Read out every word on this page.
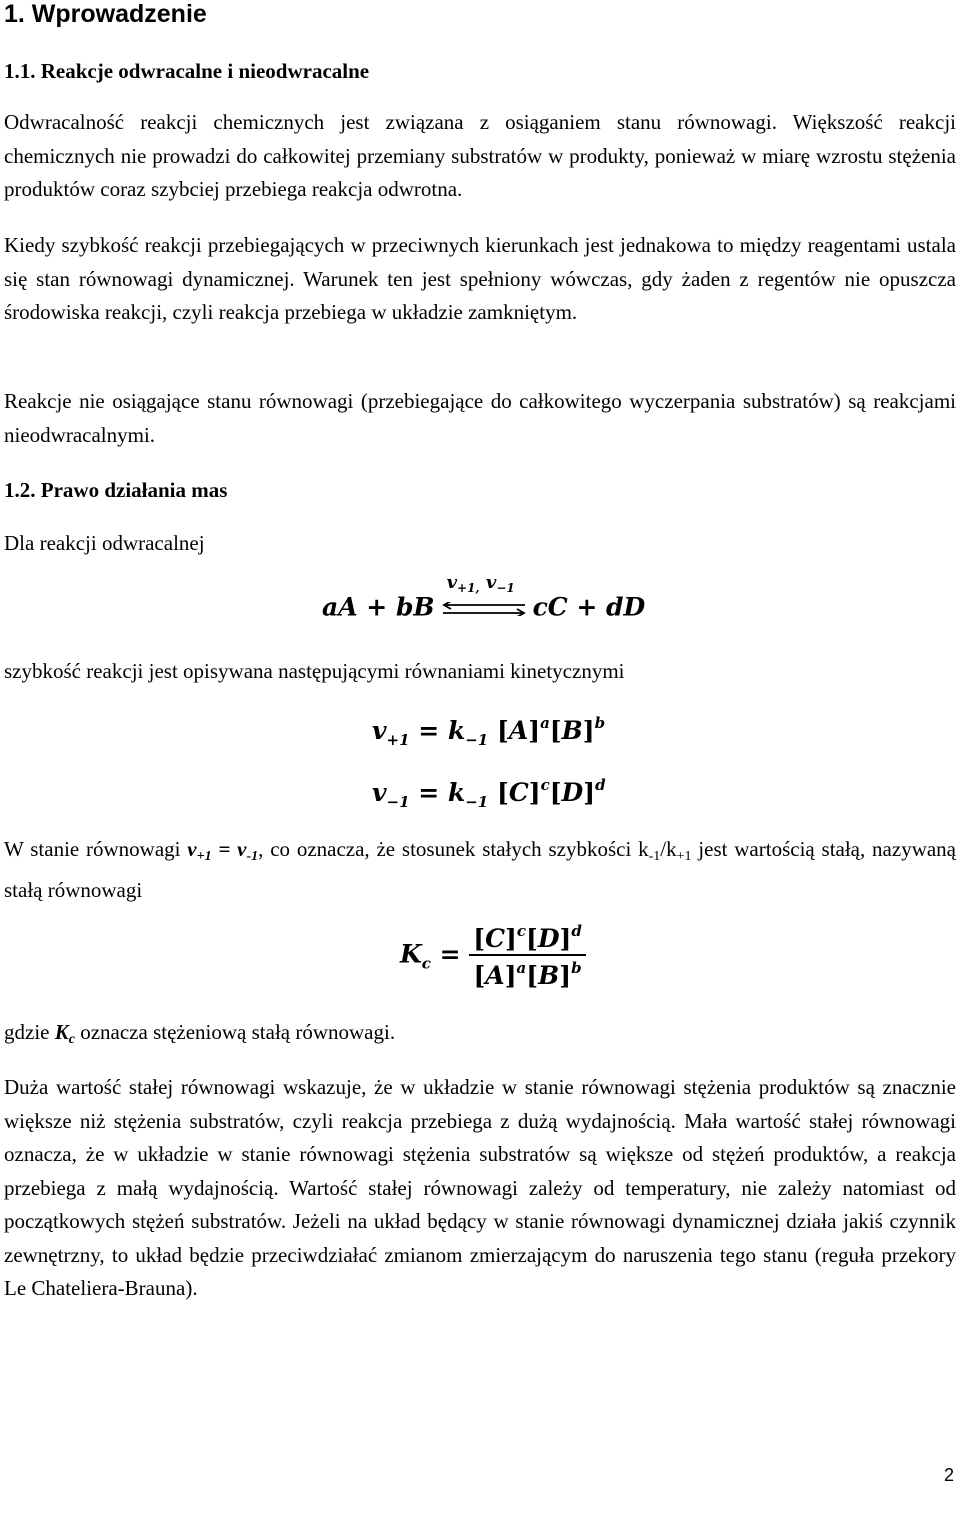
1. Wprowadzenie
1.1. Reakcje odwracalne i nieodwracalne

Odwracalność reakcji chemicznych jest związana z osiąganiem stanu równowagi. Większość reakcji chemicznych nie prowadzi do całkowitej przemiany substratów w produkty, ponieważ w miarę wzrostu stężenia produktów coraz szybciej przebiega reakcja odwrotna.

Kiedy szybkość reakcji przebiegających w przeciwnych kierunkach jest jednakowa to między reagentami ustala się stan równowagi dynamicznej. Warunek ten jest spełniony wówczas, gdy żaden z regentów nie opuszcza środowiska reakcji, czyli reakcja przebiega w układzie zamkniętym.

Reakcje nie osiągające stanu równowagi (przebiegające do całkowitego wyczerpania substratów) są reakcjami nieodwracalnymi.

1.2. Prawo działania mas

Dla reakcji odwracalnej

aA + bB
$v_{+1,}$ $v_{-1}$
cC + dD

szybkość reakcji jest opisywana następującymi równaniami kinetycznymi

$v_{+1} = k_{-1}$ $[A]^a[B]^b$
$v_{-1} = k_{-1}$ $[C]^c[D]^d$

W stanie równowagi $v_{+1} = v_{-1}$, co oznacza, że stosunek stałych szybkości $k_{-1}/k_{+1}$ jest wartością stałą, nazywaną stałą równowagi

$K_c = \frac{[C]^c[D]^d}{[A]^a[B]^b}$

gdzie $K_c$ oznacza stężeniową stałą równowagi.

Duża wartość stałej równowagi wskazuje, że w układzie w stanie równowagi stężenia produktów są znacznie większe niż stężenia substratów, czyli reakcja przebiega z dużą wydajnością. Mała wartość stałej równowagi oznacza, że w układzie w stanie równowagi stężenia substratów są większe od stężeń produktów, a reakcja przebiega z małą wydajnością. Wartość stałej równowagi zależy od temperatury, nie zależy natomiast od początkowych stężeń substratów. Jeżeli na układ będący w stanie równowagi dynamicznej działa jakiś czynnik zewnętrzny, to układ będzie przeciwdziałać zmianom zmierzającym do naruszenia tego stanu (reguła przekory Le Chateliera-Brauna).

2
